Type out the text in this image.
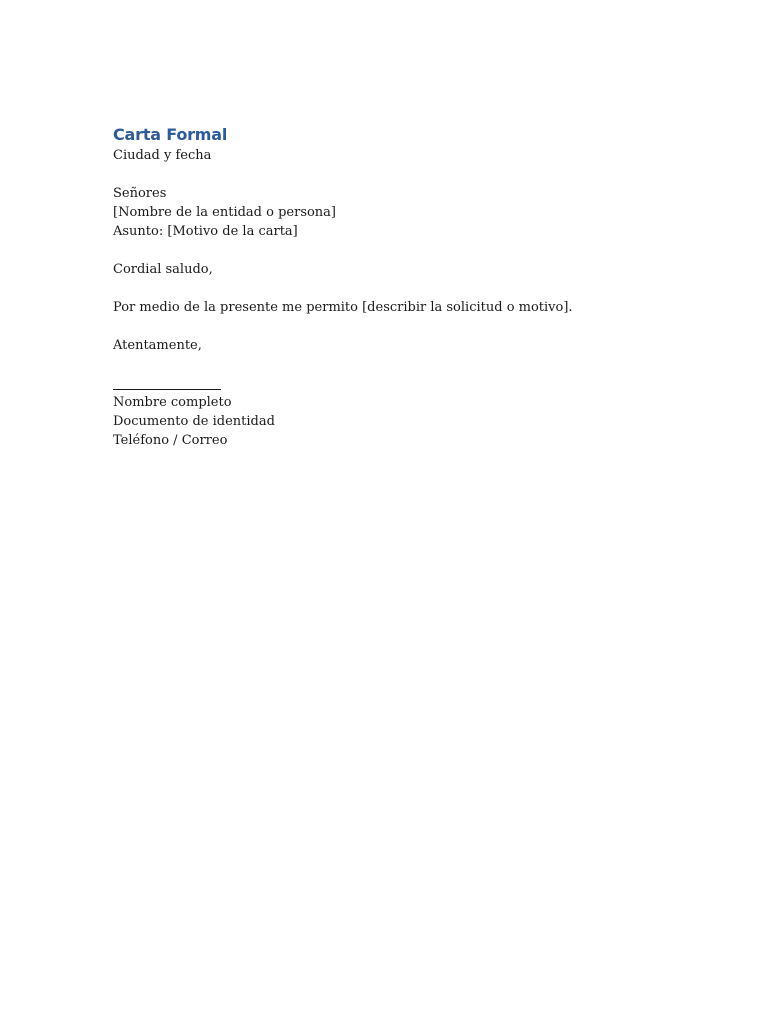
Carta Formal
Ciudad y fecha
Señores
[Nombre de la entidad o persona]
Asunto: [Motivo de la carta]
Cordial saludo,
Por medio de la presente me permito [describir la solicitud o motivo].
Atentamente,
Nombre completo
Documento de identidad
Teléfono / Correo
